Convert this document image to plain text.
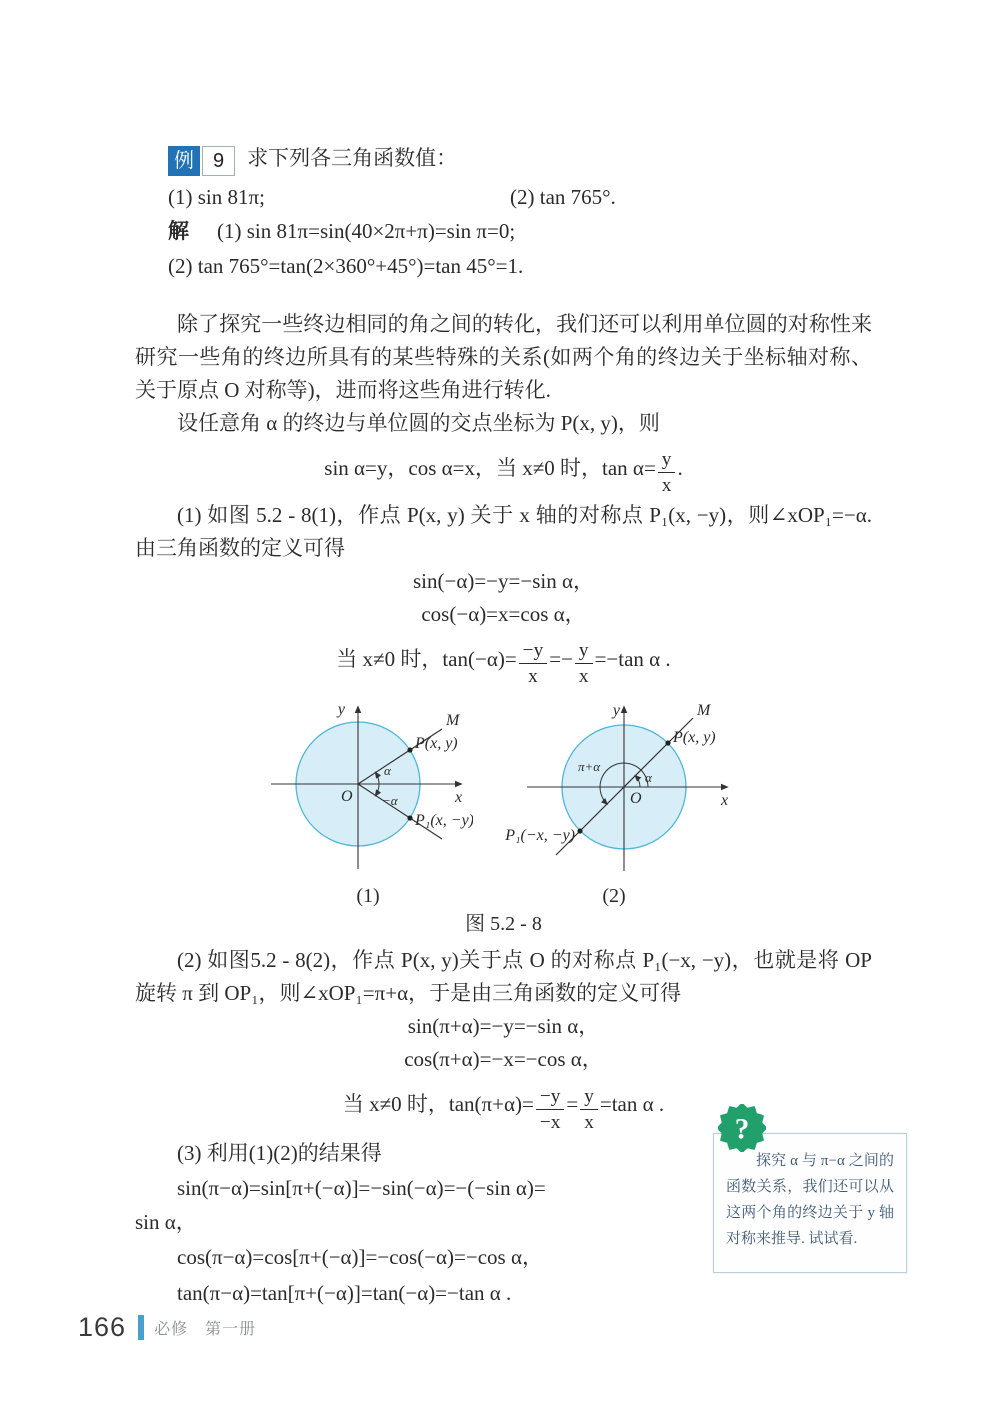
例 9 求下列各三角函数值：
(1) sin 81π;	(2) tan 765°.
解 (1) sin 81π=sin(40×2π+π)=sin π=0;
(2) tan 765°=tan(2×360°+45°)=tan 45°=1.
除了探究一些终边相同的角之间的转化，我们还可以利用单位圆的对称性来研究一些角的终边所具有的某些特殊的关系(如两个角的终边关于坐标轴对称、关于原点 O 对称等)，进而将这些角进行转化.
设任意角 α 的终边与单位圆的交点坐标为 P(x, y)，则
sin α=y，cos α=x，当 x≠0 时，$\tan \alpha= \frac{y}{x}$ .
(1) 如图 5.2 - 8(1)，作点 P(x, y) 关于 x 轴的对称点 P₁(x, −y)，则∠xOP₁=−α. 由三角函数的定义可得
sin(−α)=−y=−sin α，
cos(−α)=x=cos α，
当 x≠0 时，$\tan(-\alpha)= \frac{-y}{x} =- \frac{y}{x} =-\tan$ α .
M
P(x, y)
P₁(x, −y)
O
y
x
α
−α
(1)
M
P(x, y)
P₁(−x, −y)
O
y
x
α
π+α
(2)
图 5.2 - 8
(2) 如图5.2 - 8(2)，作点 P(x, y)关于点 O 的对称点 P₁(−x, −y)，也就是将 OP 旋转 π 到 OP₁，则∠xOP₁=π+α，于是由三角函数的定义可得
sin(π+α)=−y=−sin α，
cos(π+α)=−x=−cos α，
当 x≠0 时，$\tan(\pi+\alpha)= \frac{-y}{-x} = \frac{y}{x} =\tan$ α .
(3) 利用(1)(2)的结果得
sin(π−α)=sin[π+(−α)]=−sin(−α)=−(−sin α)=
sin α，
cos(π−α)=cos[π+(−α)]=−cos(−α)=−cos α，
tan(π−α)=tan[π+(−α)]=tan(−α)=−tan α .
?
探究 α 与 π−α 之间的函数关系，我们还可以从这两个角的终边关于 y 轴对称来推导. 试试看.
166 必修　第一册
